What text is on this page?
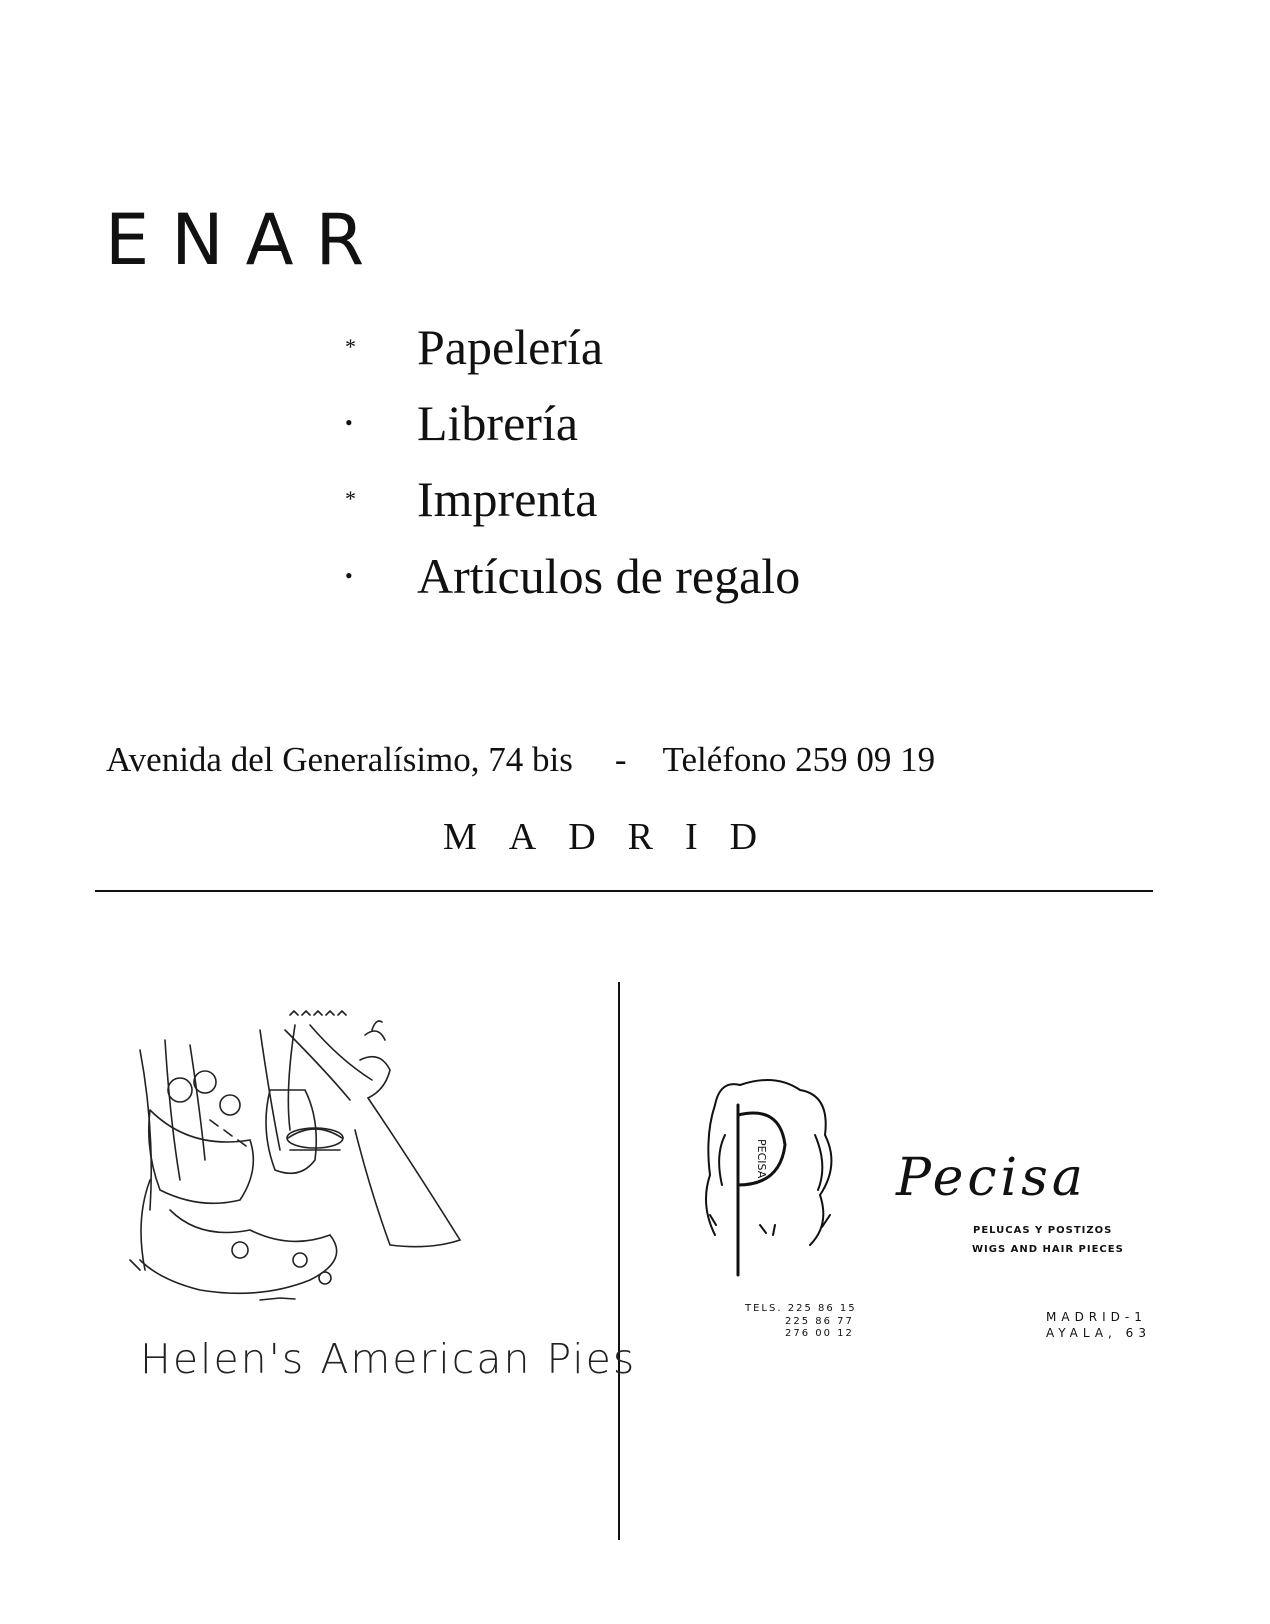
ENAR
*	Papelería
•	Librería
*	Imprenta
•	Artículos de regalo
Avenida del Generalísimo, 74 bis - Teléfono 259 09 19
MADRID
Helen's American Pies
PECISA Pecisa
PELUCAS Y POSTIZOS
WIGS AND HAIR PIECES
TELS. 225 86 15
225 86 77
276 00 12
MADRID-1
AYALA, 63
